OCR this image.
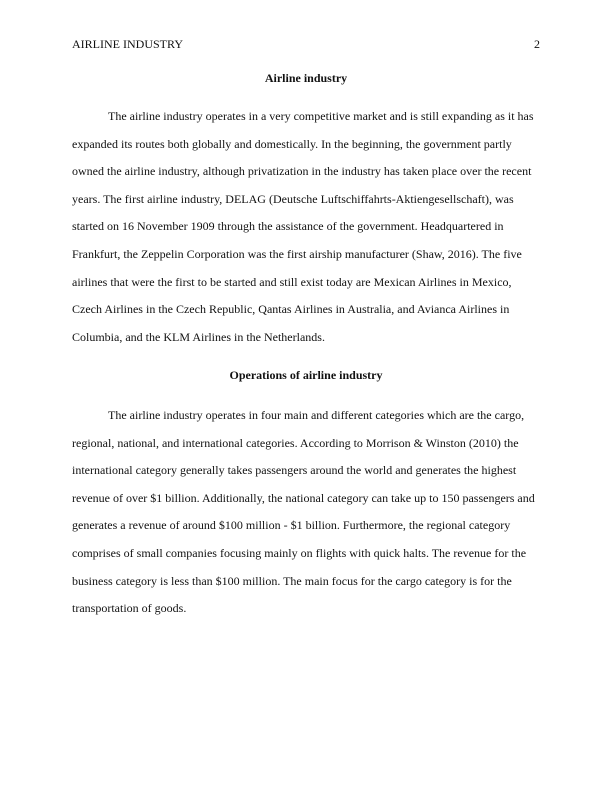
AIRLINE INDUSTRY	2
Airline industry
The airline industry operates in a very competitive market and is still expanding as it has
expanded its routes both globally and domestically. In the beginning, the government partly
owned the airline industry, although privatization in the industry has taken place over the recent
years. The first airline industry, DELAG (Deutsche Luftschiffahrts-Aktiengesellschaft), was
started on 16 November 1909 through the assistance of the government. Headquartered in
Frankfurt, the Zeppelin Corporation was the first airship manufacturer (Shaw, 2016). The five
airlines that were the first to be started and still exist today are Mexican Airlines in Mexico,
Czech Airlines in the Czech Republic, Qantas Airlines in Australia, and Avianca Airlines in
Columbia, and the KLM Airlines in the Netherlands.
Operations of airline industry
The airline industry operates in four main and different categories which are the cargo,
regional, national, and international categories. According to Morrison & Winston (2010) the
international category generally takes passengers around the world and generates the highest
revenue of over $1 billion. Additionally, the national category can take up to 150 passengers and
generates a revenue of around $100 million - $1 billion. Furthermore, the regional category
comprises of small companies focusing mainly on flights with quick halts. The revenue for the
business category is less than $100 million. The main focus for the cargo category is for the
transportation of goods.
